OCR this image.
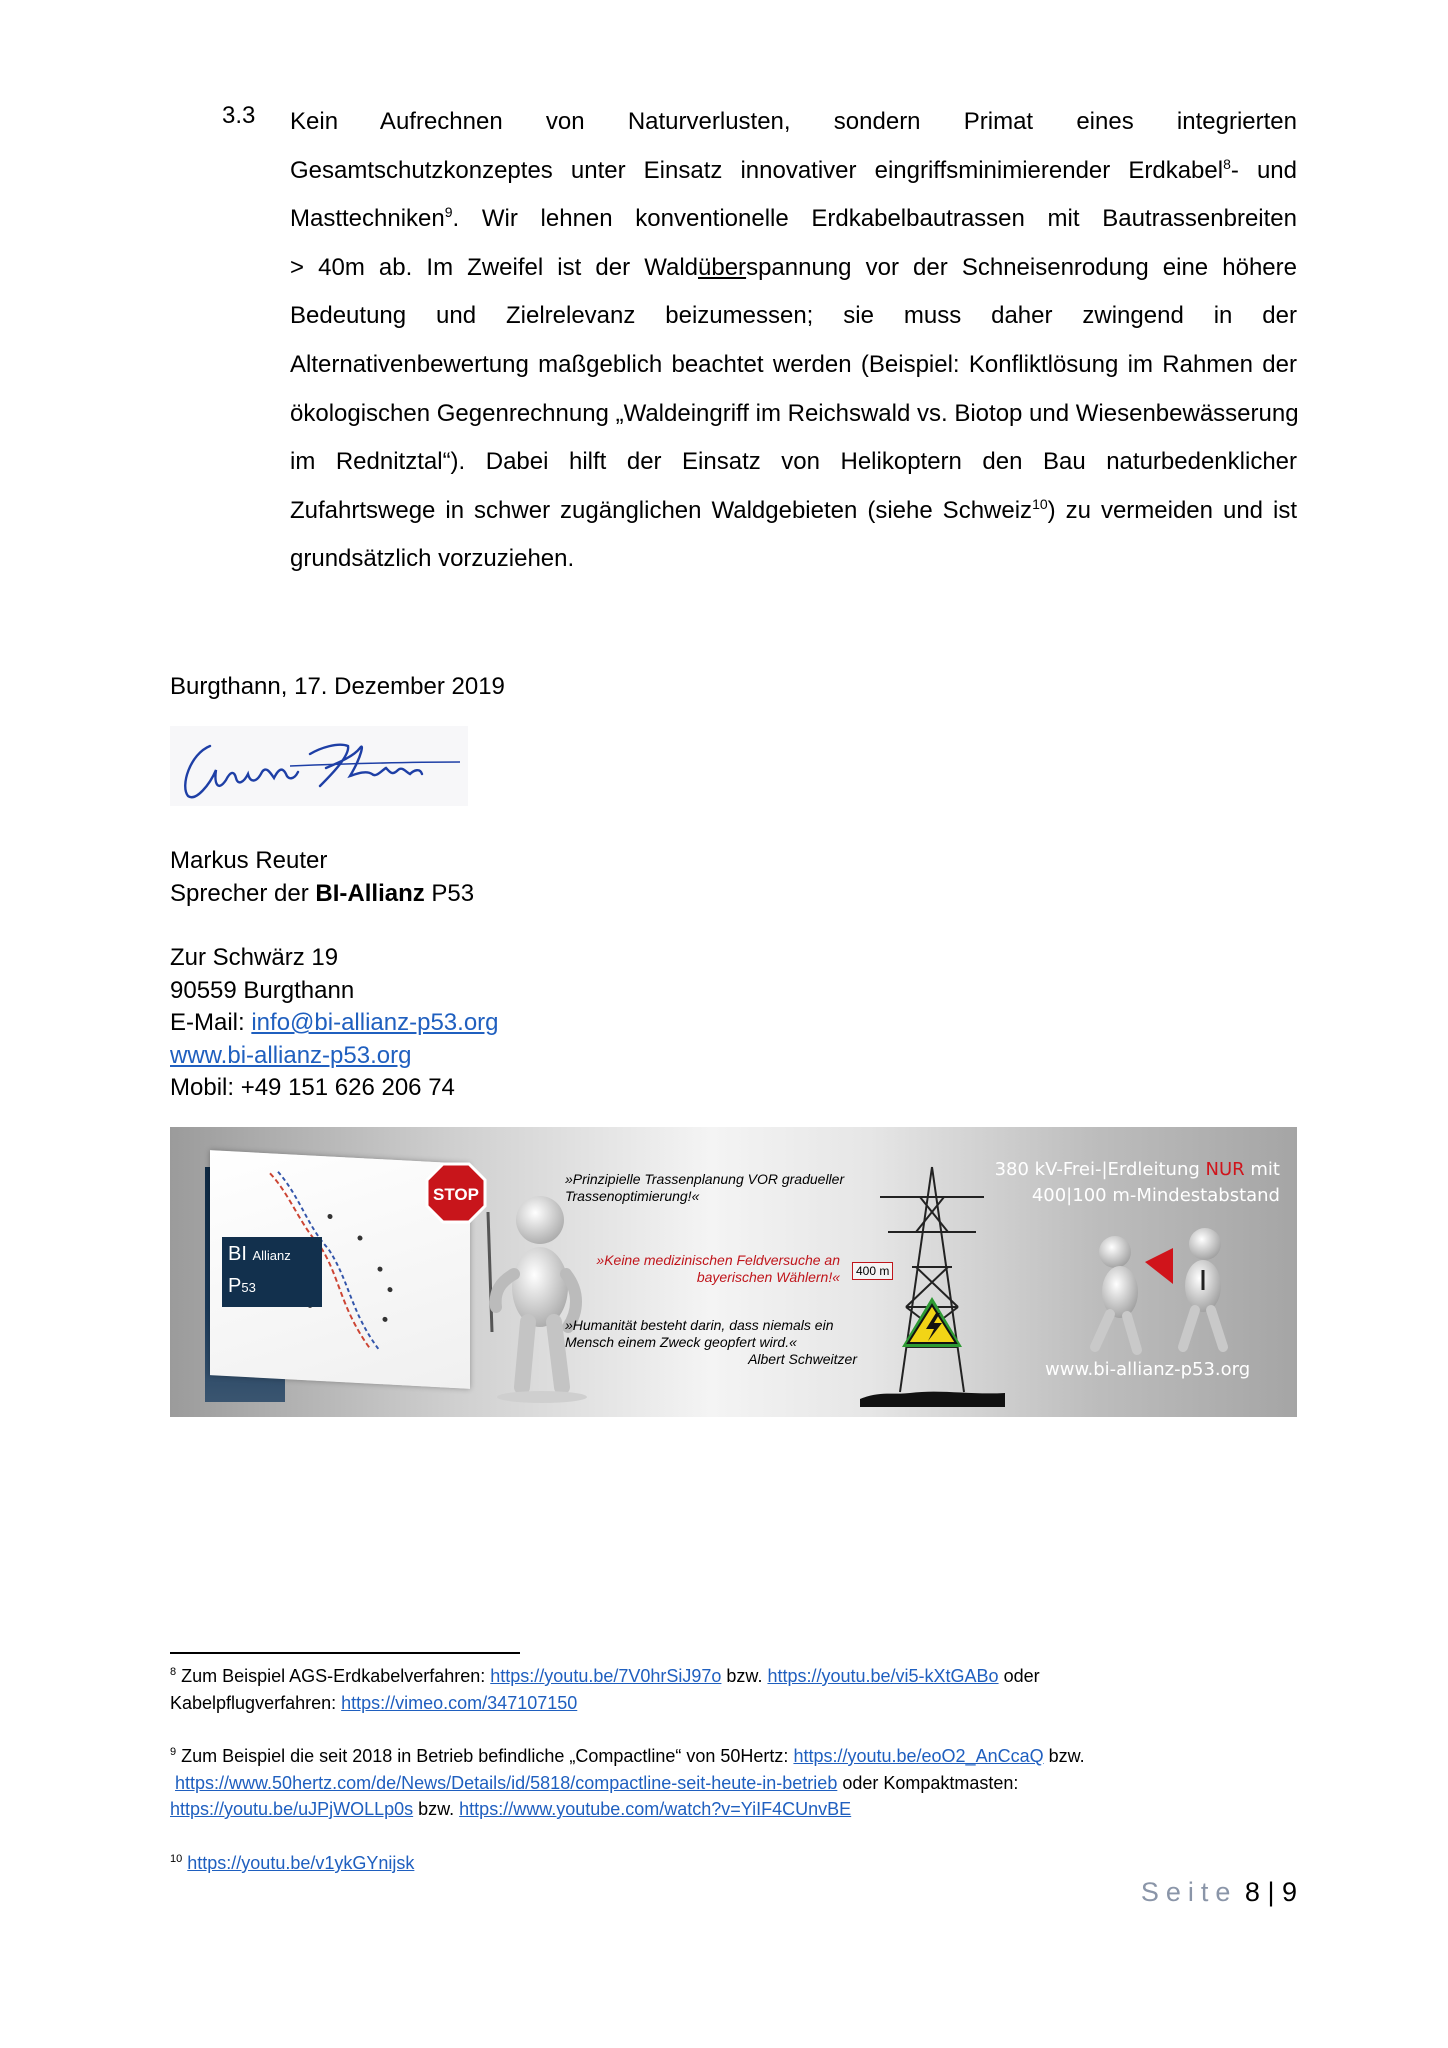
3.3 Kein Aufrechnen von Naturverlusten, sondern Primat eines integrierten
Gesamtschutzkonzeptes unter Einsatz innovativer eingriffsminimierender Erdkabel$^8$- und
Masttechniken$^9$. Wir lehnen konventionelle Erdkabelbautrassen mit Bautrassenbreiten
> 40m ab. Im Zweifel ist der Waldüberspannung vor der Schneisenrodung eine höhere
Bedeutung und Zielrelevanz beizumessen; sie muss daher zwingend in der
Alternativenbewertung maßgeblich beachtet werden (Beispiel: Konfliktlösung im Rahmen der
ökologischen Gegenrechnung „Waldeingriff im Reichswald vs. Biotop und Wiesenbewässerung
im Rednitztal“). Dabei hilft der Einsatz von Helikoptern den Bau naturbedenklicher
Zufahrtswege in schwer zugänglichen Waldgebieten (siehe Schweiz$^{10}$) zu vermeiden und ist
grundsätzlich vorzuziehen.
Burgthann, 17. Dezember 2019
Markus Reuter
Sprecher der BI-Allianz P53
Zur Schwärz 19
90559 Burgthann
E-Mail: info@bi-allianz-p53.org
www.bi-allianz-p53.org
Mobil: +49 151 626 206 74
BI Allianz
P53
STOP
»Prinzipielle Trassenplanung VOR gradueller Trassenoptimierung!«
»Keine medizinischen Feldversuche an bayerischen Wählern!«
»Humanität besteht darin, dass niemals ein Mensch einem Zweck geopfert wird.«
Albert Schweitzer
400 m
380 kV-Frei-|Erdleitung NUR mit
400|100 m-Mindestabstand
www.bi-allianz-p53.org
$^8$ Zum Beispiel AGS-Erdkabelverfahren: https://youtu.be/7V0hrSiJ97o bzw. https://youtu.be/vi5-kXtGABo oder
Kabelpflugverfahren: https://vimeo.com/347107150
$^9$ Zum Beispiel die seit 2018 in Betrieb befindliche „Compactline“ von 50Hertz: https://youtu.be/eoO2_AnCcaQ bzw.
https://www.50hertz.com/de/News/Details/id/5818/compactline-seit-heute-in-betrieb oder Kompaktmasten:
https://youtu.be/uJPjWOLLp0s bzw. https://www.youtube.com/watch?v=YiIF4CUnvBE
$^{10}$ https://youtu.be/v1ykGYnijsk
Seite 8 | 9
